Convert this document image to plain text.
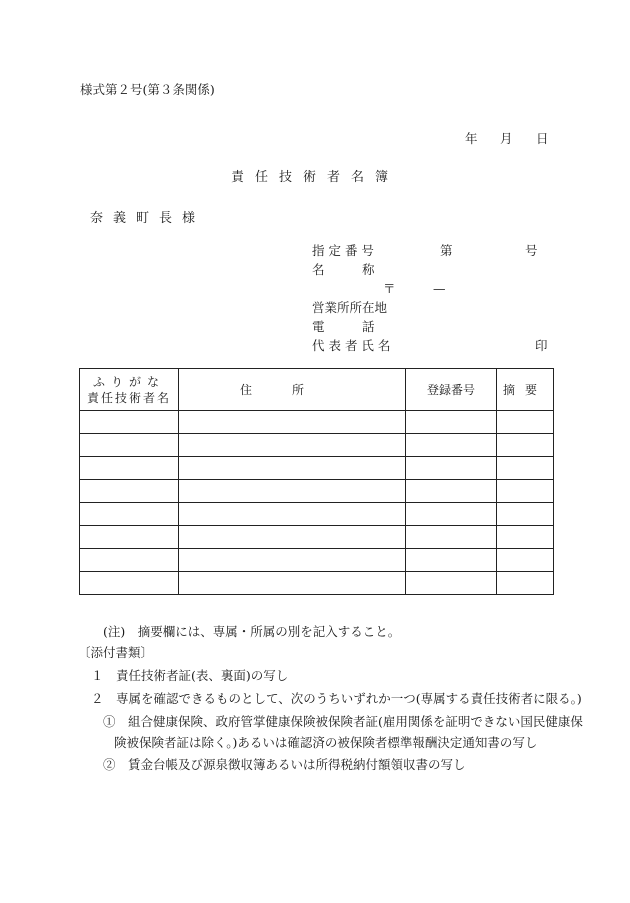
様式第２号(第３条関係)
年 月 日
責任技術者名簿
奈義町長様
指 定 番 号	第	号
名　　　称
〒　　　—
営業所所在地
電　　　話
代 表 者 氏 名	印
ふりがな
責任技術者名	住所	登録番号	摘要

(注)　摘要欄には、専属・所属の別を記入すること。
〔添付書類〕
１　責任技術者証(表、裏面)の写し
２　専属を確認できるものとして、次のうちいずれか一つ(専属する責任技術者に限る。)
①　組合健康保険、政府管掌健康保険被保険者証(雇用関係を証明できない国民健康保
険被保険者証は除く。)あるいは確認済の被保険者標準報酬決定通知書の写し
②　賃金台帳及び源泉徴収簿あるいは所得税納付額領収書の写し
